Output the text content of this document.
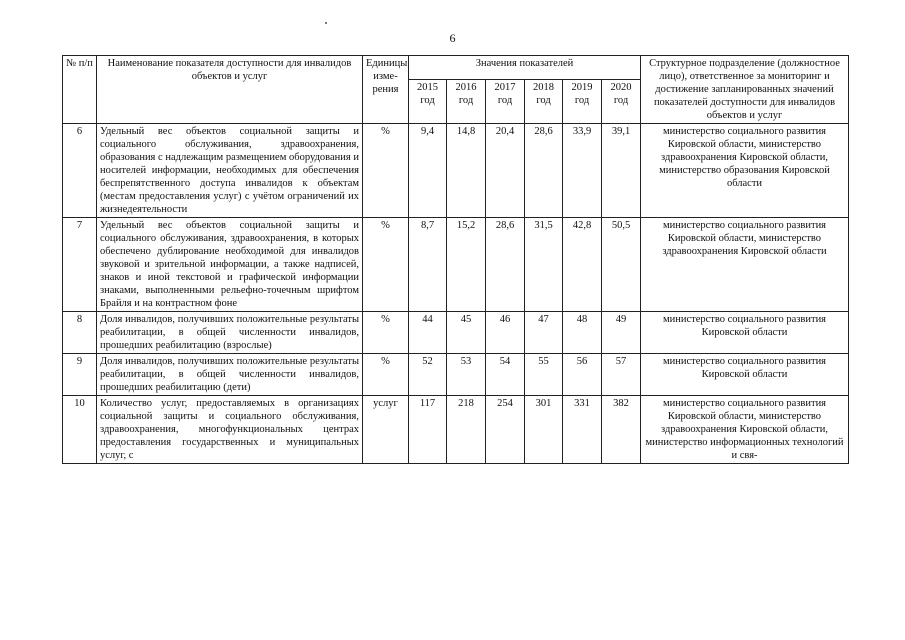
6
№ п/п	Наименование показателя доступности для инвалидов объектов и услуг	Единицы изме-рения	Значения показателей						Структурное подразделение (должностное лицо), ответственное за мониторинг и достижение запланированных значений показателей доступности для инвалидов объектов и услуг
			2015 год	2016 год	2017 год	2018 год	2019 год	2020 год	
6	Удельный вес объектов социальной защиты и социального обслуживания, здравоохранения, образования с надлежащим размещением оборудования и носителей информации, необходимых для обеспечения беспрепятственного доступа инвалидов к объектам (местам предоставления услуг) с учётом ограничений их жизнедеятельности	%	9,4	14,8	20,4	28,6	33,9	39,1	министерство социального развития Кировской области, министерство здравоохранения Кировской области, министерство образования Кировской области
7	Удельный вес объектов социальной защиты и социального обслуживания, здравоохранения, в которых обеспечено дублирование необходимой для инвалидов звуковой и зрительной информации, а также надписей, знаков и иной текстовой и графической информации знаками, выполненными рельефно-точечным шрифтом Брайля и на контрастном фоне	%	8,7	15,2	28,6	31,5	42,8	50,5	министерство социального развития Кировской области, министерство здравоохранения Кировской области
8	Доля инвалидов, получивших положительные результаты реабилитации, в общей численности инвалидов, прошедших реабилитацию (взрослые)	%	44	45	46	47	48	49	министерство социального развития Кировской области
9	Доля инвалидов, получивших положительные результаты реабилитации, в общей численности инвалидов, прошедших реабилитацию (дети)	%	52	53	54	55	56	57	министерство социального развития Кировской области
10	Количество услуг, предоставляемых в организациях социальной защиты и социального обслуживания, здравоохранения, многофункциональных центрах предоставления государственных и муниципальных услуг, с	услуг	117	218	254	301	331	382	министерство социального развития Кировской области, министерство здравоохранения Кировской области, министерство информационных технологий и свя-
